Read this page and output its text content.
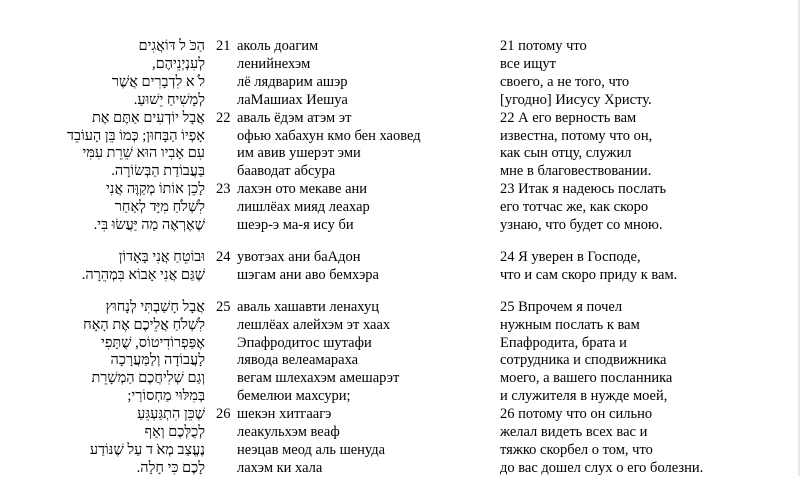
הַכֹּ ל דּוֹאֲגִים 21 аколь доагим	21 потому что
לְעִנְיְנֵיהֶם, ленийнехэм	все ищут
לֹ א לִדְבָרִים אֲשֶׁר лё лядварим ашэр	своего, а не того, что
לְמָשִׁיחַ יֵשׁוּעַ. лаМашиах Иешуа	[угодно] Иисусу Христу.
אֲבָל יוֹדְעִים אַתֶּם אֶת 22 аваль ёдэм атэм эт	22 А его верность вам
אָפְיוֹ הַבָּחוּן; כְּמוֹ בֵּן הָעוֹבֵד офью хабахун кмо бен хаовед	известна, потому что он,
עִם אָבִיו הוּא שֵׁרֵת עִמִּי им авив ушерэт эми	как сын отцу, служил
בַּעֲבוֹדַת הַבְּשׂוֹרָה. бааводат абсура	мне в благовествовании.
לָכֵן אוֹתוֹ מְקַוֶּה אֲנִי 23 лахэн ото мекаве ани	23 Итак я надеюсь послать
לִשְׁלֹחַ מִיָּד לְאַחַר лишлёах мияд леахар	его тотчас же, как скоро
שֶׁאֶרְאֶה מַה יַּעֲשׂוּ בִּי. шеэр-э ма-я иcy би	узнаю, что будет со мною.
וּבוֹטֵחַ אֲנִי בָּאָדוֹן 24 увотэах ани баАдон	24 Я уверен в Господе,
שֶׁגַּם אֲנִי אָבוֹא בִּמְהֵרָה. шэгам ани аво бемхэра	что и сам скоро приду к вам.
אֲבָל חָשַׁבְתִּי לְנָחוּץ 25 аваль хашавти ленахуц	25 Впрочем я почел
לִשְׁלֹחַ אֲלֵיכֶם אֶת הָאָח лешлёах алейхэм эт хаах	нужным послать к вам
אֶפַּפְרוֹדִיטוֹס, שֻׁתָּפִי Эпафродитос шутафи	Епафродита, брата и
לָעֲבוֹדָה וְלַמַּעֲרָכָה лявода велеамараха	сотрудника и сподвижника
וְגַם שְׁלִיחֲכֶם הַמְשָׁרֵת вегам шлехахэм амешарэт	моего, а вашего посланника
בְּמִלּוּי מַחְסוֹרַי; бемелюи махсури;	и служителя в нужде моей,
שֶׁכֵּן הִתְגַּעְגֵּעַ 26 шекэн хитгаагэ	26 потому что он сильно
לְכֻלְּכֶם וְאַף леакульхэм веаф	желал видеть всех вас и
נֶעֱצַב מְאֹ ד עַל שֶׁנּוֹדַע неэцав меод аль шенуда	тяжко скорбел о том, что
לָכֶם כִּי חָלָה. лахэм ки хала	до вас дошел слух о его болезни.
